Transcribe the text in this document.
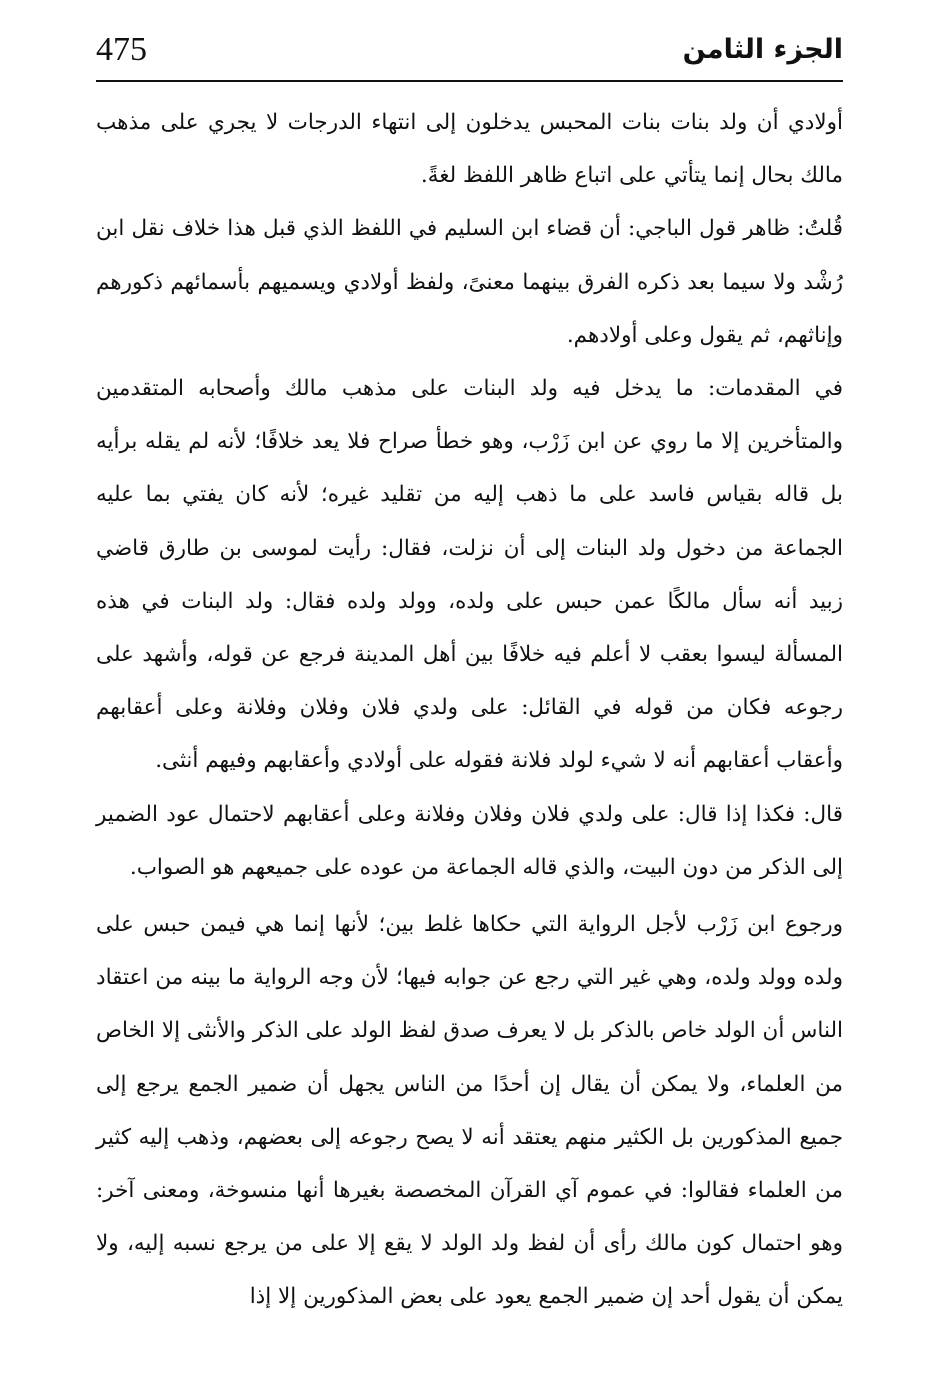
475	الجزء الثامن

أولادي أن ولد بنات بنات المحبس يدخلون إلى انتهاء الدرجات لا يجري على مذهب مالك بحال إنما يتأتي على اتباع ظاهر اللفظ لغةً.

قُلتُ: ظاهر قول الباجي: أن قضاء ابن السليم في اللفظ الذي قبل هذا خلاف نقل ابن رُشْد ولا سيما بعد ذكره الفرق بينهما معنىً، ولفظ أولادي ويسميهم بأسمائهم ذكورهم وإناثهم، ثم يقول وعلى أولادهم.

في المقدمات: ما يدخل فيه ولد البنات على مذهب مالك وأصحابه المتقدمين والمتأخرين إلا ما روي عن ابن زَرْب، وهو خطأ صراح فلا يعد خلافًا؛ لأنه لم يقله برأيه بل قاله بقياس فاسد على ما ذهب إليه من تقليد غيره؛ لأنه كان يفتي بما عليه الجماعة من دخول ولد البنات إلى أن نزلت، فقال: رأيت لموسى بن طارق قاضي زبيد أنه سأل مالكًا عمن حبس على ولده، وولد ولده فقال: ولد البنات في هذه المسألة ليسوا بعقب لا أعلم فيه خلافًا بين أهل المدينة فرجع عن قوله، وأشهد على رجوعه فكان من قوله في القائل: على ولدي فلان وفلان وفلانة وعلى أعقابهم وأعقاب أعقابهم أنه لا شيء لولد فلانة فقوله على أولادي وأعقابهم وفيهم أنثى.

قال: فكذا إذا قال: على ولدي فلان وفلان وفلانة وعلى أعقابهم لاحتمال عود الضمير إلى الذكر من دون البيت، والذي قاله الجماعة من عوده على جميعهم هو الصواب.

ورجوع ابن زَرْب لأجل الرواية التي حكاها غلط بين؛ لأنها إنما هي فيمن حبس على ولده وولد ولده، وهي غير التي رجع عن جوابه فيها؛ لأن وجه الرواية ما بينه من اعتقاد الناس أن الولد خاص بالذكر بل لا يعرف صدق لفظ الولد على الذكر والأنثى إلا الخاص من العلماء، ولا يمكن أن يقال إن أحدًا من الناس يجهل أن ضمير الجمع يرجع إلى جميع المذكورين بل الكثير منهم يعتقد أنه لا يصح رجوعه إلى بعضهم، وذهب إليه كثير من العلماء فقالوا: في عموم آي القرآن المخصصة بغيرها أنها منسوخة، ومعنى آخر: وهو احتمال كون مالك رأى أن لفظ ولد الولد لا يقع إلا على من يرجع نسبه إليه، ولا يمكن أن يقول أحد إن ضمير الجمع يعود على بعض المذكورين إلا إذا
